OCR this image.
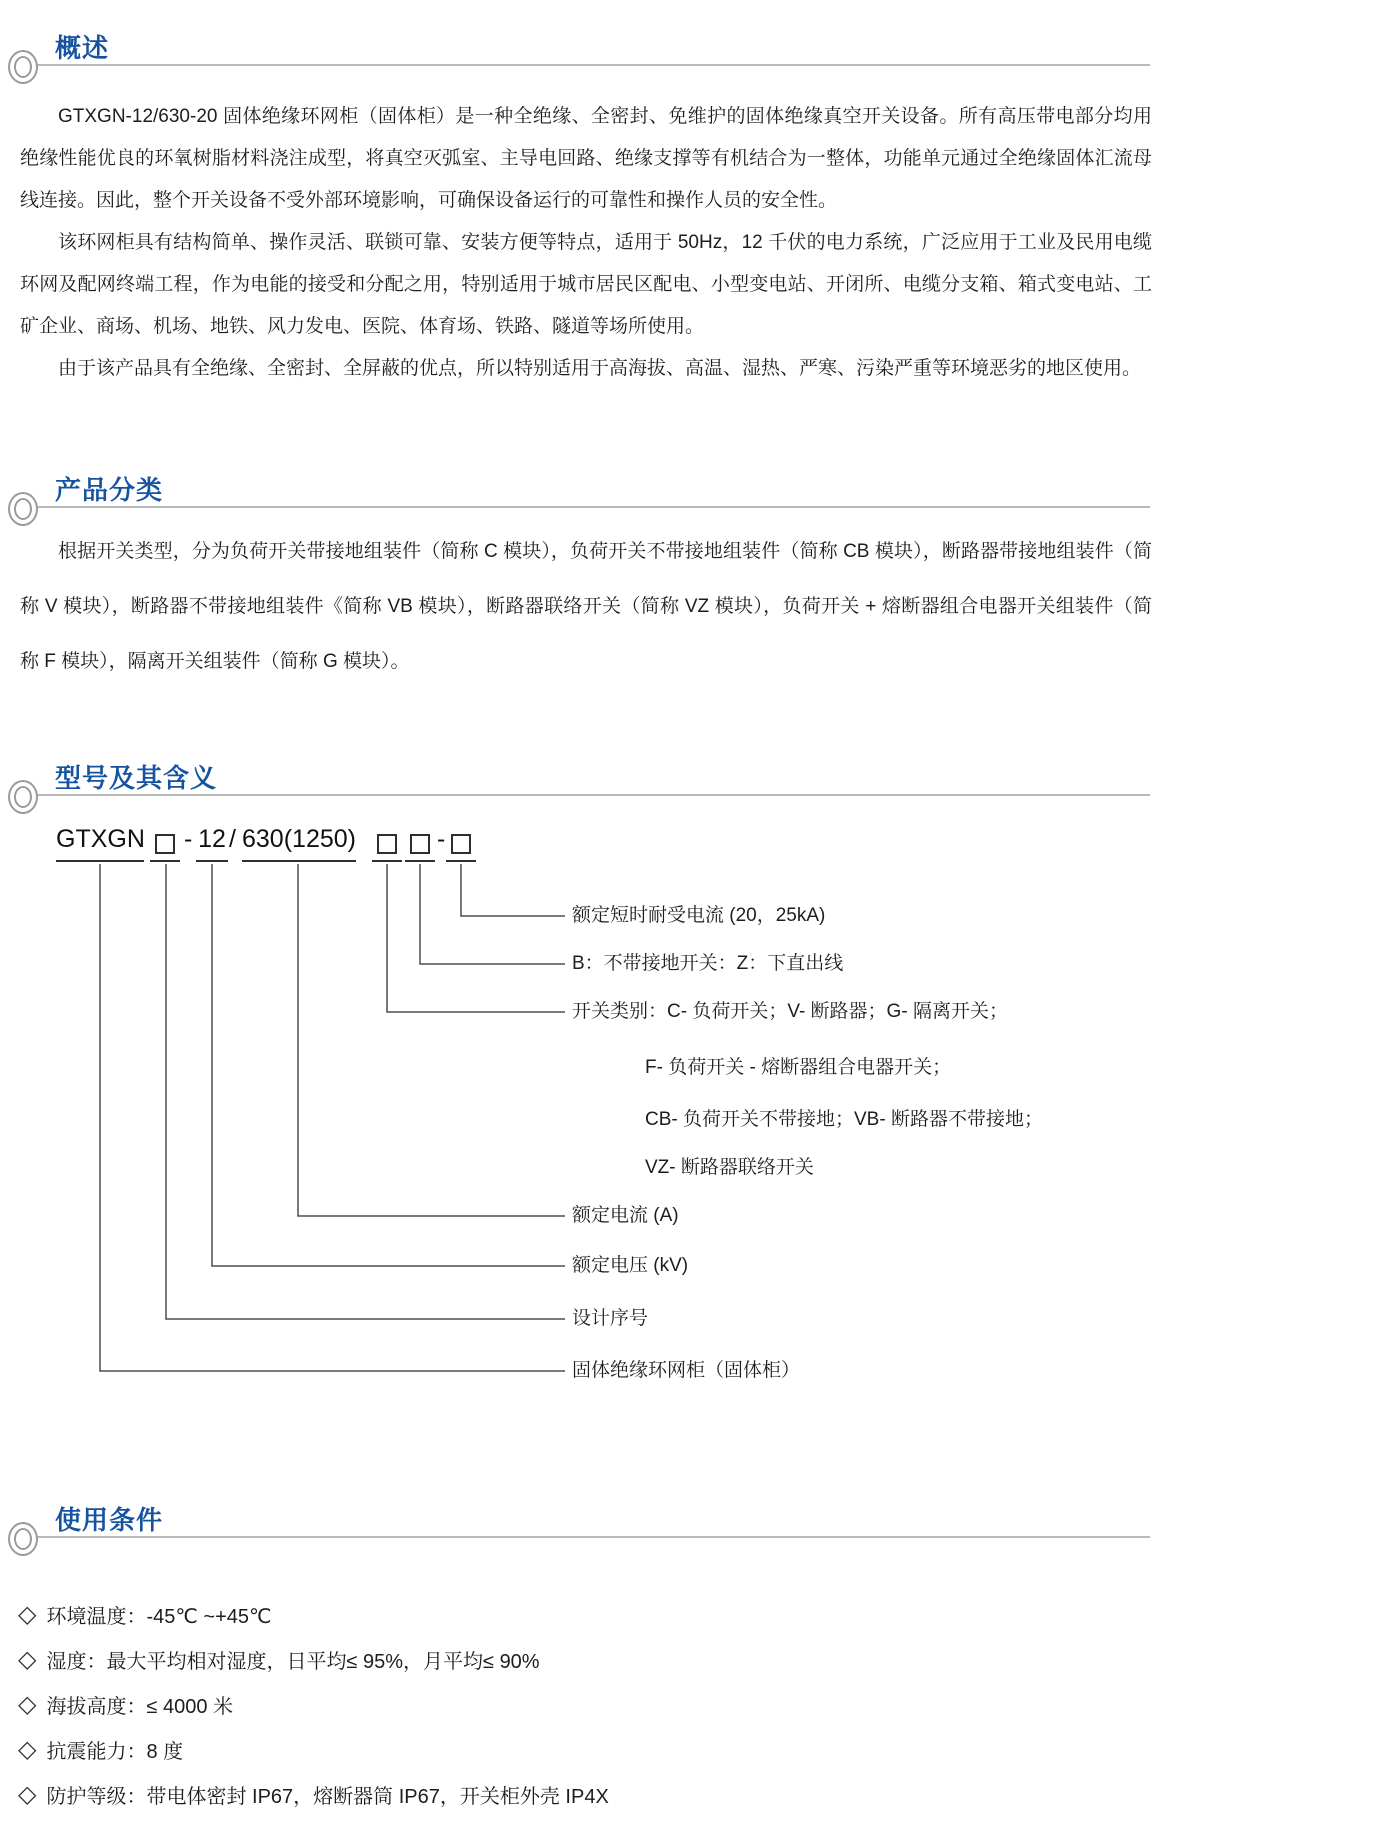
概述

GTXGN-12/630-20 固体绝缘环网柜（固体柜）是一种全绝缘、全密封、免维护的固体绝缘真空开关设备。所有高压带电部分均用绝缘性能优良的环氧树脂材料浇注成型，将真空灭弧室、主导电回路、绝缘支撑等有机结合为一整体，功能单元通过全绝缘固体汇流母线连接。因此，整个开关设备不受外部环境影响，可确保设备运行的可靠性和操作人员的安全性。

该环网柜具有结构简单、操作灵活、联锁可靠、安装方便等特点，适用于 50Hz，12 千伏的电力系统，广泛应用于工业及民用电缆环网及配网终端工程，作为电能的接受和分配之用，特别适用于城市居民区配电、小型变电站、开闭所、电缆分支箱、箱式变电站、工矿企业、商场、机场、地铁、风力发电、医院、体育场、铁路、隧道等场所使用。

由于该产品具有全绝缘、全密封、全屏蔽的优点，所以特别适用于高海拔、高温、湿热、严寒、污染严重等环境恶劣的地区使用。

产品分类

根据开关类型，分为负荷开关带接地组装件（简称 C 模块），负荷开关不带接地组装件（简称 CB 模块），断路器带接地组装件（简称 V 模块），断路器不带接地组装件《简称 VB 模块），断路器联络开关（简称 VZ 模块），负荷开关 + 熔断器组合电器开关组装件（简称 F 模块），隔离开关组装件（简称 G 模块）。

型号及其含义
GTXGN - 12 / 630(1250)	-
额定短时耐受电流 (20，25kA)
B：不带接地开关：Z：下直出线
开关类别：C- 负荷开关；V- 断路器；G- 隔离开关；
F- 负荷开关 - 熔断器组合电器开关；
CB- 负荷开关不带接地；VB- 断路器不带接地；
VZ- 断路器联络开关
额定电流 (A)
额定电压 (kV)
设计序号
固体绝缘环网柜（固体柜）
使用条件
◇ 环境温度：-45℃ ~+45℃
◇ 湿度：最大平均相对湿度，日平均≤ 95%，月平均≤ 90%
◇ 海拔高度：≤ 4000 米
◇ 抗震能力：8 度
◇ 防护等级：带电体密封 IP67，熔断器筒 IP67，开关柜外壳 IP4X
